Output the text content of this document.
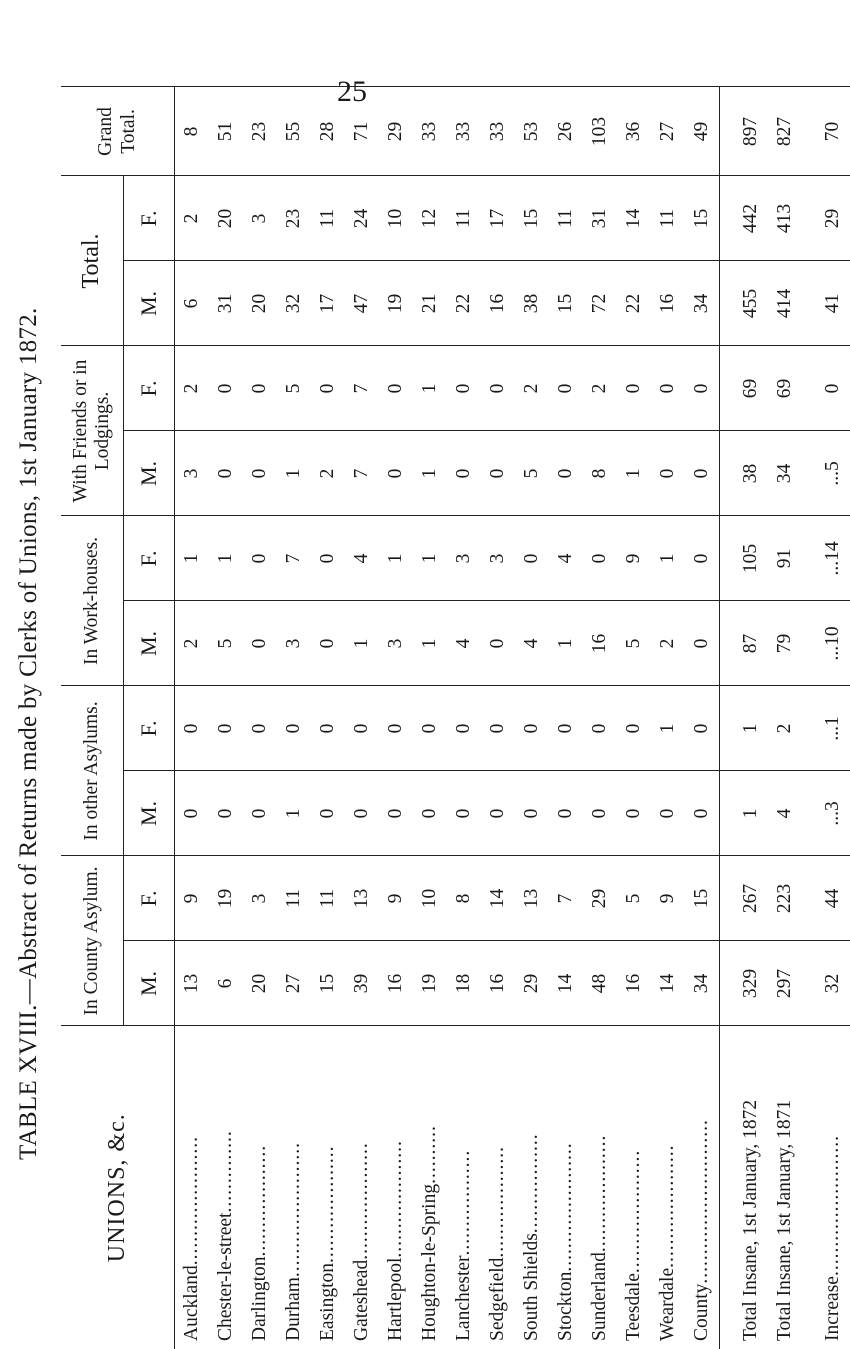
25
TABLE XVIII.—Abstract of Returns made by Clerks of Unions, 1st January 1872.
UNIONS, &c.	In County Asylum.		In other Asylums.		In Work-houses.		With Friends or in Lodgings.		Total.		Grand Total.
	M.	F.	M.	F.	M.	F.	M.	F.	M.	F.	
Auckland......................	13	9	0	0	2	1	3	2	6	2	8
Chester-le-street..............	6	19	0	0	5	1	0	0	31	20	51
Darlington...................	20	3	0	0	0	0	0	0	20	3	23
Durham.......................	27	11	1	0	3	7	1	5	32	23	55
Easington....................	15	11	0	0	0	0	2	0	17	11	28
Gateshead....................	39	13	0	0	1	4	7	7	47	24	71
Hartlepool....................	16	9	0	0	3	1	0	0	19	10	29
Houghton-le-Spring..........	19	10	0	0	1	1	1	1	21	12	33
Lanchester..................	18	8	0	0	4	3	0	0	22	11	33
Sedgefield...................	16	14	0	0	0	3	0	0	16	17	33
South Shields.................	29	13	0	0	4	0	5	2	38	15	53
Stockton......................	14	7	0	0	1	4	0	0	15	11	26
Sunderland....................	48	29	0	0	16	0	8	2	72	31	103
Teesdale.....................	16	5	0	0	5	9	1	0	22	14	36
Weardale.....................	14	9	0	1	2	1	0	0	16	11	27
County............................	34	15	0	0	0	0	0	0	34	15	49

Total Insane, 1st January, 1872	329	267	1	1	87	105	38	69	455	442	897
Total Insane, 1st January, 1871	297	223	4	2	79	91	34	69	414	413	827

Increase........................	32	44	...3	...1	...10	...14	...5	0	41	29	70
